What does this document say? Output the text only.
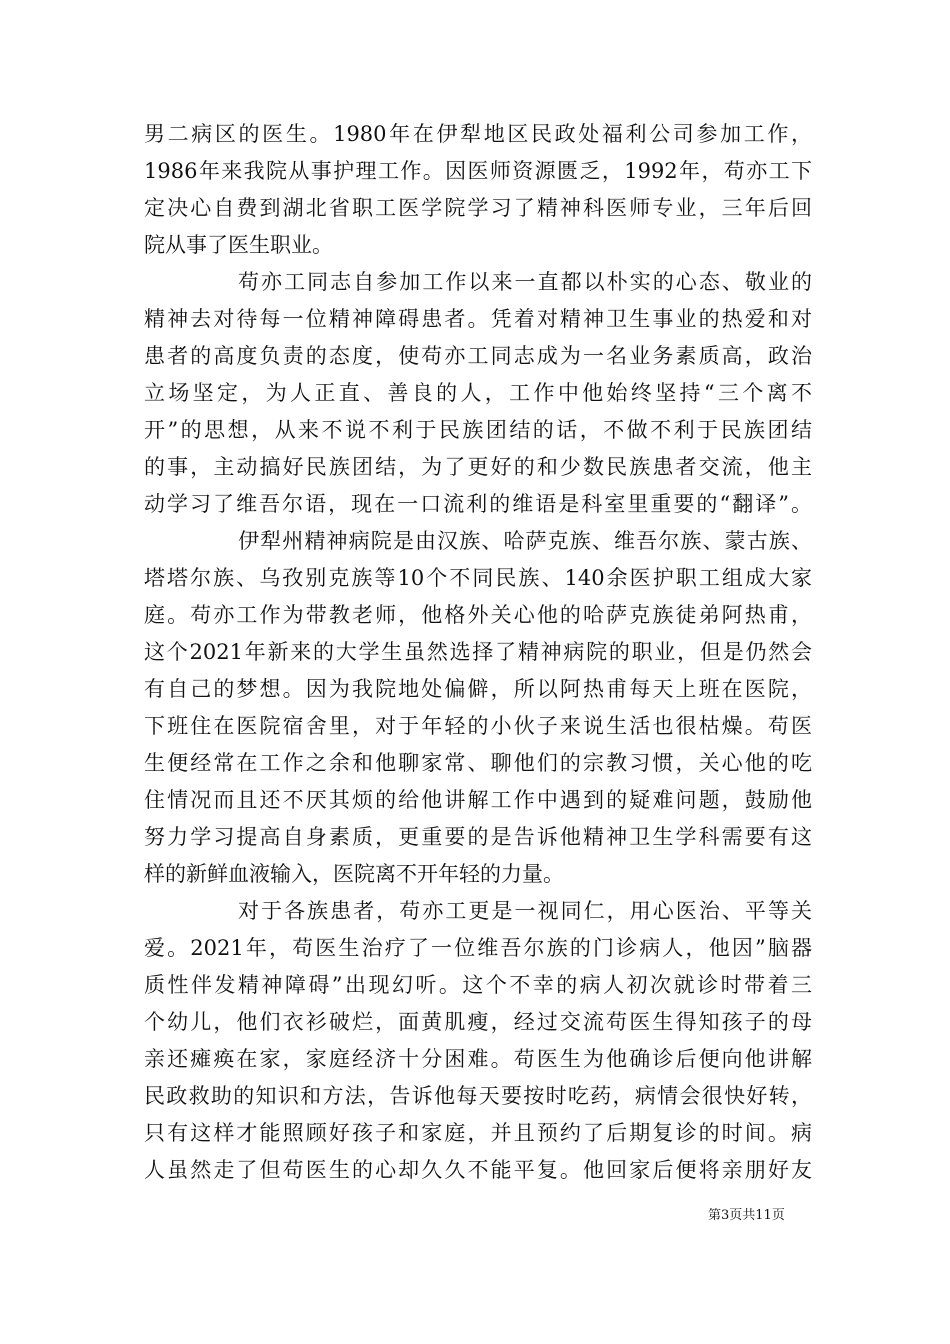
男二病区的医生。1980年在伊犁地区民政处福利公司参加工作，
1986年来我院从事护理工作。因医师资源匮乏，1992年，苟亦工下
定决心自费到湖北省职工医学院学习了精神科医师专业，三年后回
院从事了医生职业。
苟亦工同志自参加工作以来一直都以朴实的心态、敬业的
精神去对待每一位精神障碍患者。凭着对精神卫生事业的热爱和对
患者的高度负责的态度，使苟亦工同志成为一名业务素质高，政治
立场坚定，为人正直、善良的人，工作中他始终坚持“三个离不
开”的思想，从来不说不利于民族团结的话，不做不利于民族团结
的事，主动搞好民族团结，为了更好的和少数民族患者交流，他主
动学习了维吾尔语，现在一口流利的维语是科室里重要的“翻译”。
伊犁州精神病院是由汉族、哈萨克族、维吾尔族、蒙古族、
塔塔尔族、乌孜别克族等10个不同民族、140余医护职工组成大家
庭。苟亦工作为带教老师，他格外关心他的哈萨克族徒弟阿热甫，
这个2021年新来的大学生虽然选择了精神病院的职业，但是仍然会
有自己的梦想。因为我院地处偏僻，所以阿热甫每天上班在医院，
下班住在医院宿舍里，对于年轻的小伙子来说生活也很枯燥。苟医
生便经常在工作之余和他聊家常、聊他们的宗教习惯，关心他的吃
住情况而且还不厌其烦的给他讲解工作中遇到的疑难问题，鼓励他
努力学习提高自身素质，更重要的是告诉他精神卫生学科需要有这
样的新鲜血液输入，医院离不开年轻的力量。
对于各族患者，苟亦工更是一视同仁，用心医治、平等关
爱。2021年，苟医生治疗了一位维吾尔族的门诊病人，他因”脑器
质性伴发精神障碍”出现幻听。这个不幸的病人初次就诊时带着三
个幼儿，他们衣衫破烂，面黄肌瘦，经过交流苟医生得知孩子的母
亲还瘫痪在家，家庭经济十分困难。苟医生为他确诊后便向他讲解
民政救助的知识和方法，告诉他每天要按时吃药，病情会很快好转，
只有这样才能照顾好孩子和家庭，并且预约了后期复诊的时间。病
人虽然走了但苟医生的心却久久不能平复。他回家后便将亲朋好友
第3页共11页
